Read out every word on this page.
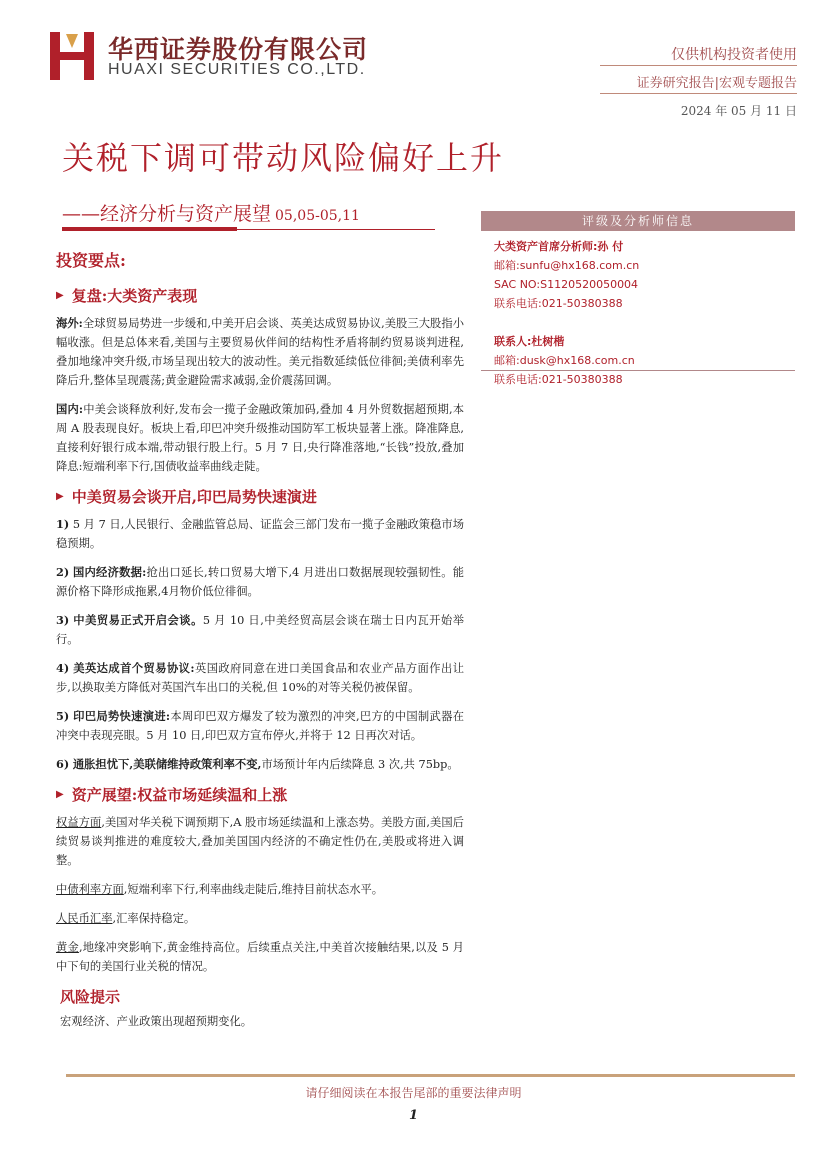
华西证券股份有限公司
HUAXI SECURITIES CO.,LTD.
仅供机构投资者使用
证券研究报告|宏观专题报告
2024 年 05 月 11 日
关税下调可带动风险偏好上升
——经济分析与资产展望 05,05-05,11
投资要点:
▶ 复盘:大类资产表现

海外:全球贸易局势进一步缓和,中美开启会谈、英美达成贸易协议,美股三大股指小幅收涨。但是总体来看,美国与主要贸易伙伴间的结构性矛盾将制约贸易谈判进程,叠加地缘冲突升级,市场呈现出较大的波动性。美元指数延续低位徘徊;美债利率先降后升,整体呈现震荡;黄金避险需求减弱,金价震荡回调。

国内:中美会谈释放利好,发布会一揽子金融政策加码,叠加 4 月外贸数据超预期,本周 A 股表现良好。板块上看,印巴冲突升级推动国防军工板块显著上涨。降准降息,直接利好银行成本端,带动银行股上行。5 月 7 日,央行降准落地,“长钱”投放,叠加降息:短端利率下行,国债收益率曲线走陡。

▶ 中美贸易会谈开启,印巴局势快速演进

1) 5 月 7 日,人民银行、金融监管总局、证监会三部门发布一揽子金融政策稳市场稳预期。

2) 国内经济数据:抢出口延长,转口贸易大增下,4 月进出口数据展现较强韧性。能源价格下降形成拖累,4月物价低位徘徊。

3) 中美贸易正式开启会谈。5 月 10 日,中美经贸高层会谈在瑞士日内瓦开始举行。

4) 美英达成首个贸易协议:英国政府同意在进口美国食品和农业产品方面作出让步,以换取美方降低对英国汽车出口的关税,但 10%的对等关税仍被保留。

5) 印巴局势快速演进:本周印巴双方爆发了较为激烈的冲突,巴方的中国制武器在冲突中表现亮眼。5 月 10 日,印巴双方宣布停火,并将于 12 日再次对话。

6) 通胀担忧下,美联储维持政策利率不变,市场预计年内后续降息 3 次,共 75bp。

▶ 资产展望:权益市场延续温和上涨

权益方面,美国对华关税下调预期下,A 股市场延续温和上涨态势。美股方面,美国后续贸易谈判推进的难度较大,叠加美国国内经济的不确定性仍在,美股或将进入调整。

中债利率方面,短端利率下行,利率曲线走陡后,维持目前状态水平。

人民币汇率,汇率保持稳定。

黄金,地缘冲突影响下,黄金维持高位。后续重点关注,中美首次接触结果,以及 5 月中下旬的美国行业关税的情况。

风险提示
宏观经济、产业政策出现超预期变化。
评级及分析师信息
大类资产首席分析师:孙 付
邮箱:sunfu@hx168.com.cn
SAC NO:S1120520050004
联系电话:021-50380388
联系人:杜树楷
邮箱:dusk@hx168.com.cn
联系电话:021-50380388
请仔细阅读在本报告尾部的重要法律声明
1
